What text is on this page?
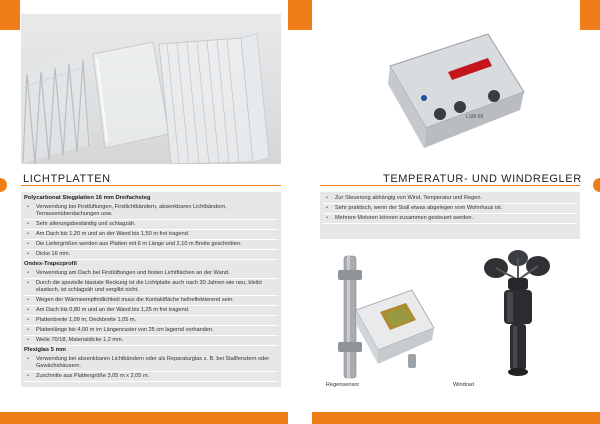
LSM 68
LICHTPLATTEN	TEMPERATUR- UND WINDREGLER
Polycarbonat Stegplatten 16 mm Dreifachsteg
• Verwendung bei Firstlüftungen, Firstlichtbändern, absenkbaren Lichtbändern, Terrassenüberdachungen usw.
• Sehr alterungsbeständig und schlagzäh.
• Am Dach bis 1,20 m und an der Wand bis 1,50 m frei tragend.
• Die Liefergrößen werden aus Platten mit 6 m Länge und 2,10 m Breite geschnitten.
• Dicke 16 mm.
Ondex-Trapezprofil
• Verwendung am Dach bei Firstlüftungen und festen Lichtflächen an der Wand.
• Durch die spezielle biaxiale Reckung ist die Lichtplatte auch nach 30 Jahren wie neu, bleibt elastisch, ist schlagzäh und vergilbt nicht.
• Wegen der Wärmeempfindlichkeit muss die Kontaktfläche hellreflektierend sein.
• Am Dach bis 0,80 m und an der Wand bis 1,25 m frei tragend.
• Plattenbreite 1,09 m, Deckbreite 1,05 m.
• Plattenlänge bis 4,00 m im Längenraster von 25 cm lagernd vorhanden.
• Welle 70/18, Materialdicke 1,2 mm.
Plexiglas 5 mm
• Verwendung bei absenkbaren Lichtbändern oder als Reparaturglas z. B. bei Stallfenstern oder Gewächshäusern.
• Zuschnitte aus Plattengröße 3,05 m x 2,05 m.
• Zur Steuerung abhängig von Wind, Temperatur und Regen.
• Sehr praktisch, wenn der Stall etwas abgelegen vom Wohnhaus ist.
• Mehrere Motoren können zusammen gesteuert werden.
Regensensor	Windrad
